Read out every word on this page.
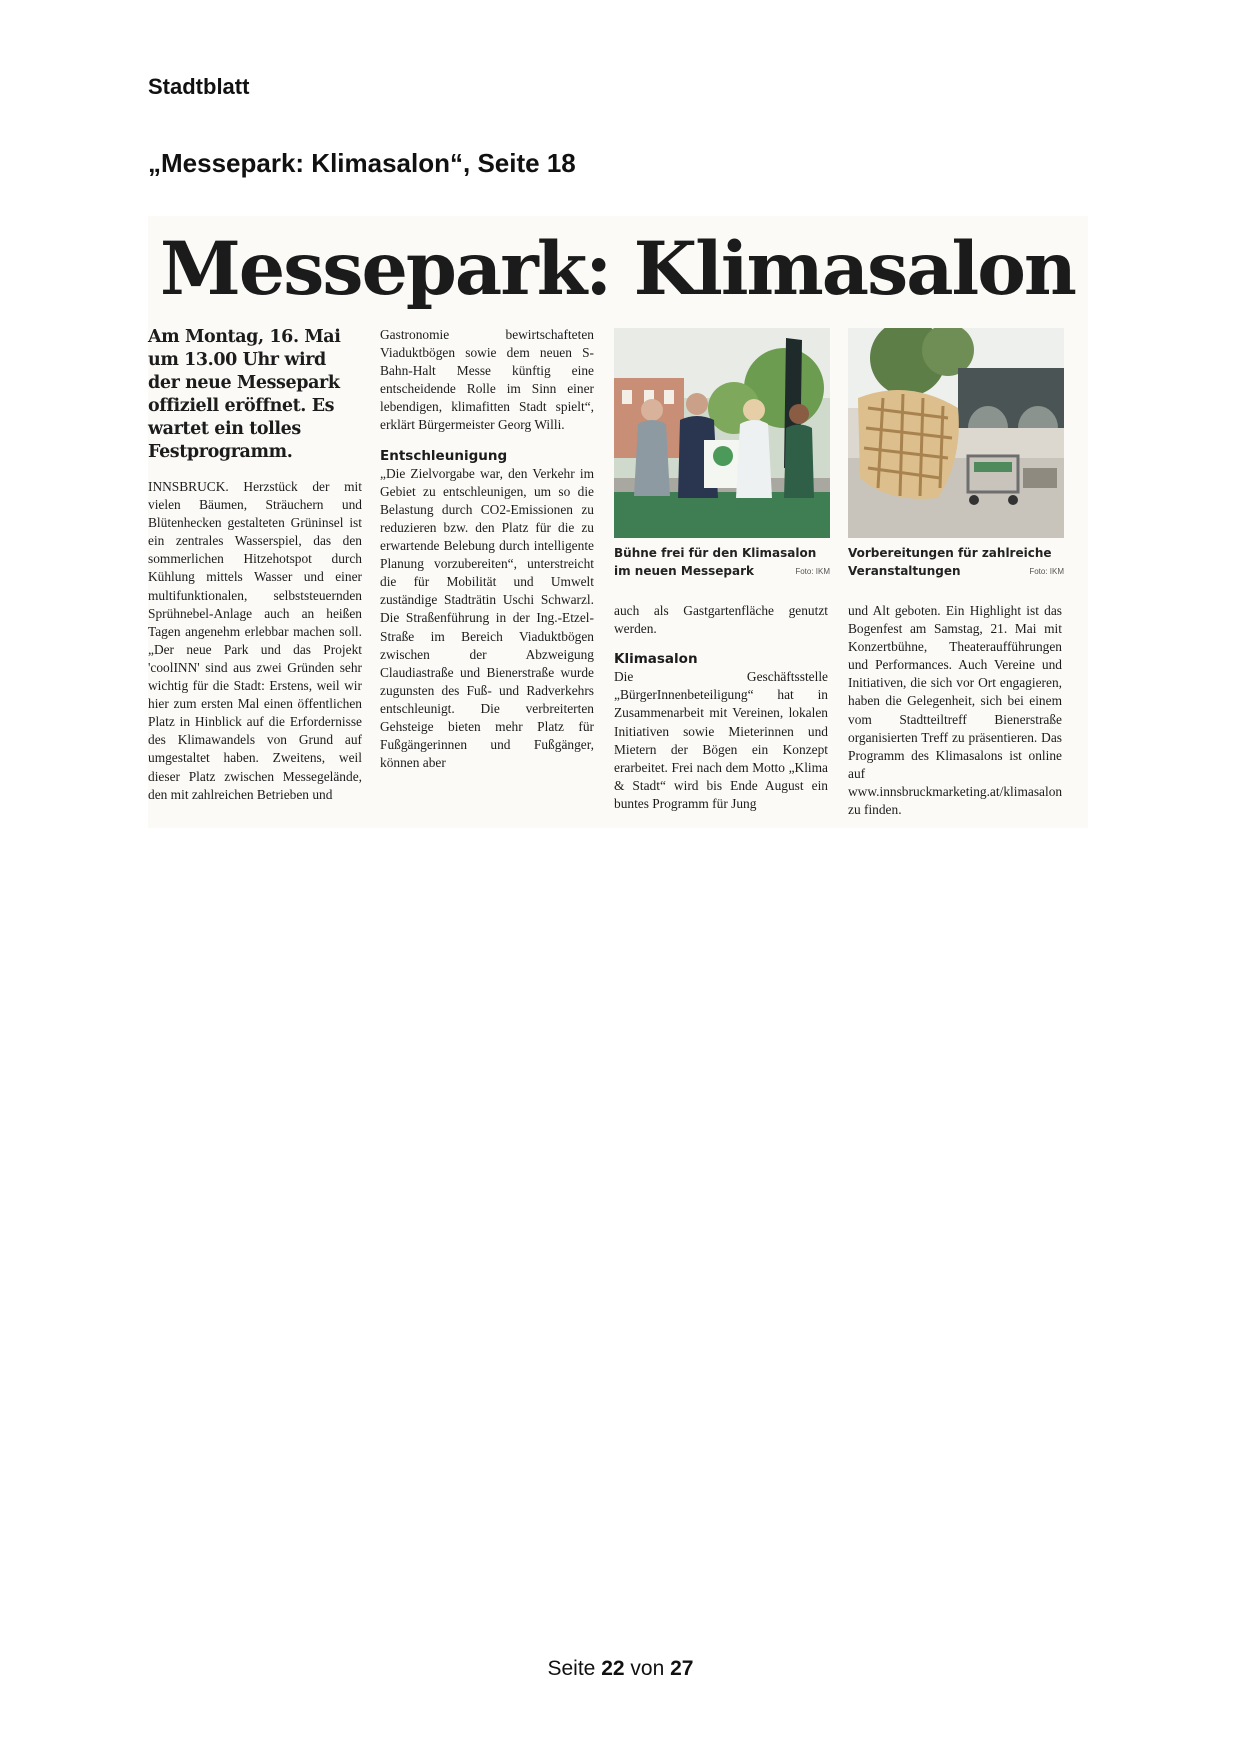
Stadtblatt
„Messepark: Klimasalon“, Seite 18
Messepark: Klimasalon

Am Montag, 16. Mai um 13.00 Uhr wird der neue Messepark offiziell eröffnet. Es wartet ein tolles Festprogramm.

INNSBRUCK. Herzstück der mit vielen Bäumen, Sträuchern und Blütenhecken gestalteten Grüninsel ist ein zentrales Wasserspiel, das den sommerlichen Hitzehotspot durch Kühlung mittels Wasser und einer multifunktionalen, selbststeuernden Sprühnebel-Anlage auch an heißen Tagen angenehm erlebbar machen soll. „Der neue Park und das Projekt 'coolINN' sind aus zwei Gründen sehr wichtig für die Stadt: Erstens, weil wir hier zum ersten Mal einen öffentlichen Platz in Hinblick auf die Erfordernisse des Klimawandels von Grund auf umgestaltet haben. Zweitens, weil dieser Platz zwischen Messegelände, den mit zahlreichen Betrieben und

Gastronomie bewirtschafteten Viaduktbögen sowie dem neuen S-Bahn-Halt Messe künftig eine entscheidende Rolle im Sinn einer lebendigen, klimafitten Stadt spielt“, erklärt Bürgermeister Georg Willi.

Entschleunigung

„Die Zielvorgabe war, den Verkehr im Gebiet zu entschleunigen, um so die Belastung durch CO2-Emissionen zu reduzieren bzw. den Platz für die zu erwartende Belebung durch intelligente Planung vorzubereiten“, unterstreicht die für Mobilität und Umwelt zuständige Stadträtin Uschi Schwarzl. Die Straßenführung in der Ing.-Etzel-Straße im Bereich Viaduktbögen zwischen der Abzweigung Claudiastraße und Bienerstraße wurde zugunsten des Fuß- und Radverkehrs entschleunigt. Die verbreiterten Gehsteige bieten mehr Platz für Fußgängerinnen und Fußgänger, können aber

Bühne frei für den Klimasalon im neuen Messepark	Foto: IKM

auch als Gastgartenfläche genutzt werden.

Klimasalon

Die Geschäftsstelle „BürgerInnenbeteiligung“ hat in Zusammenarbeit mit Vereinen, lokalen Initiativen sowie Mieterinnen und Mietern der Bögen ein Konzept erarbeitet. Frei nach dem Motto „Klima & Stadt“ wird bis Ende August ein buntes Programm für Jung

Vorbereitungen für zahlreiche Veranstaltungen	Foto: IKM

und Alt geboten. Ein Highlight ist das Bogenfest am Samstag, 21. Mai mit Konzertbühne, Theateraufführungen und Performances. Auch Vereine und Initiativen, die sich vor Ort engagieren, haben die Gelegenheit, sich bei einem vom Stadtteiltreff Bienerstraße organisierten Treff zu präsentieren. Das Programm des Klimasalons ist online auf www.innsbruckmarketing.at/klimasalon zu finden.

Seite 22 von 27
